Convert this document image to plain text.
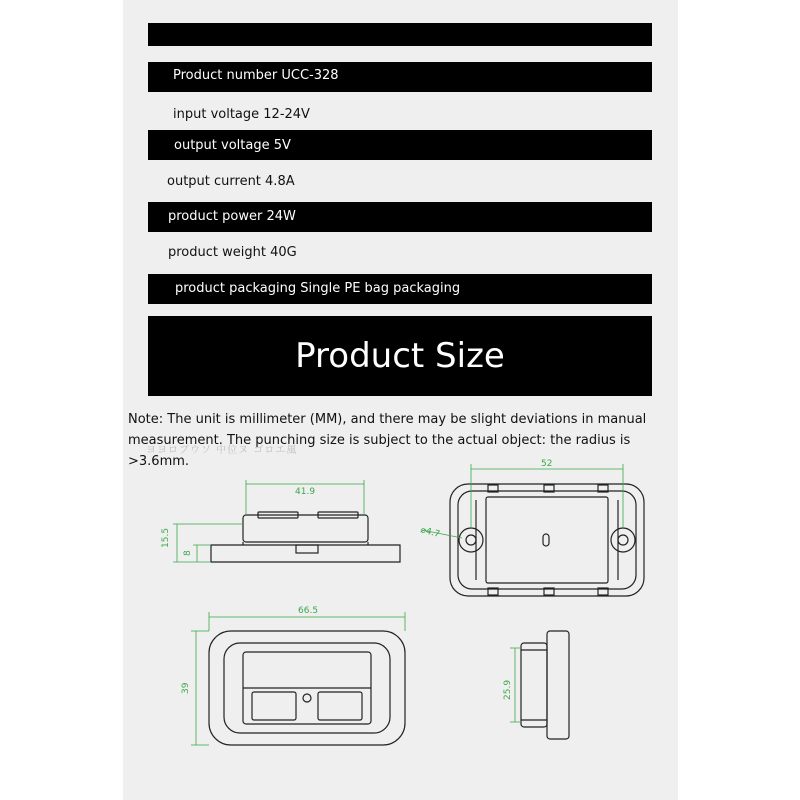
Product number UCC-328
input voltage 12-24V
output voltage 5V
output current 4.8A
product power 24W
product weight 40G
product packaging Single PE bag packaging
Product Size
Note: The unit is millimeter (MM), and there may be slight deviations in manual
measurement. The punching size is subject to the actual object: the radius is >3.6mm.
ヨヨロブウソ 中位ヌ ゴロエ風
41.9
15.5
8
52
⌀4.7
66.5
39	25.9
